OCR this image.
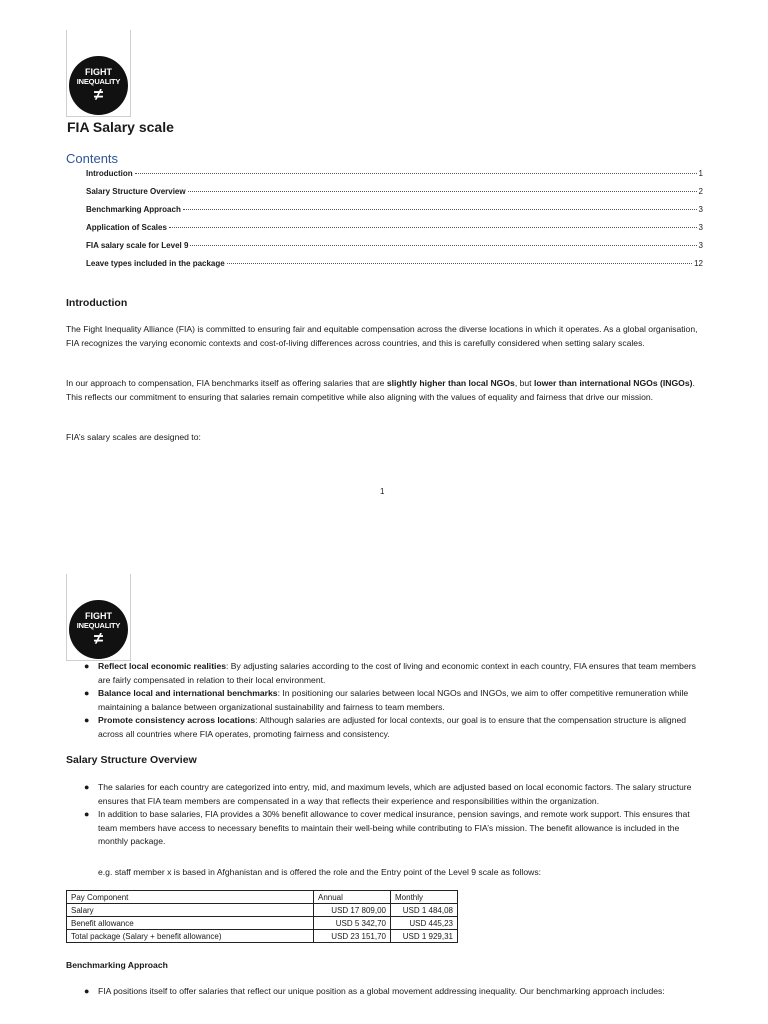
FIGHT
INEQUALITY
≠
FIA Salary scale
Contents
Introduction	1
Salary Structure Overview	2
Benchmarking Approach	3
Application of Scales	3
FIA salary scale for Level 9	3
Leave types included in the package	12
Introduction

The Fight Inequality Alliance (FIA) is committed to ensuring fair and equitable compensation across the diverse locations in which it operates. As a global organisation, FIA recognizes the varying economic contexts and cost-of-living differences across countries, and this is carefully considered when setting salary scales.

In our approach to compensation, FIA benchmarks itself as offering salaries that are slightly higher than local NGOs, but lower than international NGOs (INGOs). This reflects our commitment to ensuring that salaries remain competitive while also aligning with the values of equality and fairness that drive our mission.

FIA’s salary scales are designed to:

1
FIGHT
INEQUALITY
≠
● Reflect local economic realities: By adjusting salaries according to the cost of living and economic context in each country, FIA ensures that team members are fairly compensated in relation to their local environment.
● Balance local and international benchmarks: In positioning our salaries between local NGOs and INGOs, we aim to offer competitive remuneration while maintaining a balance between organizational sustainability and fairness to team members.
● Promote consistency across locations: Although salaries are adjusted for local contexts, our goal is to ensure that the compensation structure is aligned across all countries where FIA operates, promoting fairness and consistency.
Salary Structure Overview
● The salaries for each country are categorized into entry, mid, and maximum levels, which are adjusted based on local economic factors. The salary structure ensures that FIA team members are compensated in a way that reflects their experience and responsibilities within the organization.
● In addition to base salaries, FIA provides a 30% benefit allowance to cover medical insurance, pension savings, and remote work support. This ensures that team members have access to necessary benefits to maintain their well-being while contributing to FIA’s mission. The benefit allowance is included in the monthly package.

e.g. staff member x is based in Afghanistan and is offered the role and the Entry point of the Level 9 scale as follows:

Pay Component	Annual	Monthly
Salary	USD 17 809,00	USD 1 484,08
Benefit allowance	USD 5 342,70	USD 445,23
Total package (Salary + benefit allowance)	USD 23 151,70	USD 1 929,31
Benchmarking Approach
● FIA positions itself to offer salaries that reflect our unique position as a global movement addressing inequality. Our benchmarking approach includes:
